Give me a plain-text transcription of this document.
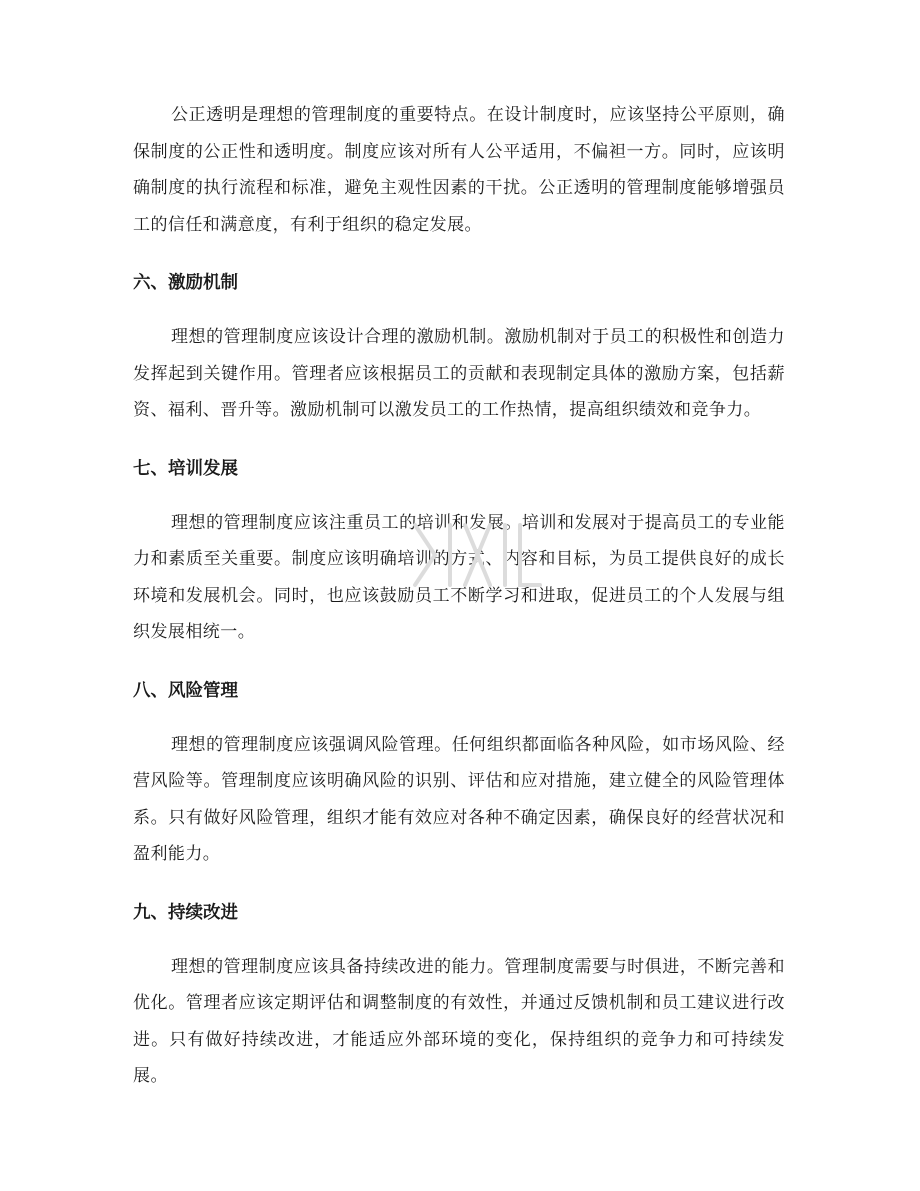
公正透明是理想的管理制度的重要特点。在设计制度时，应该坚持公平原则，确保制度的公正性和透明度。制度应该对所有人公平适用，不偏袒一方。同时，应该明确制度的执行流程和标准，避免主观性因素的干扰。公正透明的管理制度能够增强员工的信任和满意度，有利于组织的稳定发展。

六、激励机制

理想的管理制度应该设计合理的激励机制。激励机制对于员工的积极性和创造力发挥起到关键作用。管理者应该根据员工的贡献和表现制定具体的激励方案，包括薪资、福利、晋升等。激励机制可以激发员工的工作热情，提高组织绩效和竞争力。

七、培训发展

理想的管理制度应该注重员工的培训和发展。培训和发展对于提高员工的专业能力和素质至关重要。制度应该明确培训的方式、内容和目标，为员工提供良好的成长环境和发展机会。同时，也应该鼓励员工不断学习和进取，促进员工的个人发展与组织发展相统一。

八、风险管理

理想的管理制度应该强调风险管理。任何组织都面临各种风险，如市场风险、经营风险等。管理制度应该明确风险的识别、评估和应对措施，建立健全的风险管理体系。只有做好风险管理，组织才能有效应对各种不确定因素，确保良好的经营状况和盈利能力。

九、持续改进

理想的管理制度应该具备持续改进的能力。管理制度需要与时俱进，不断完善和优化。管理者应该定期评估和调整制度的有效性，并通过反馈机制和员工建议进行改进。只有做好持续改进，才能适应外部环境的变化，保持组织的竞争力和可持续发展。
